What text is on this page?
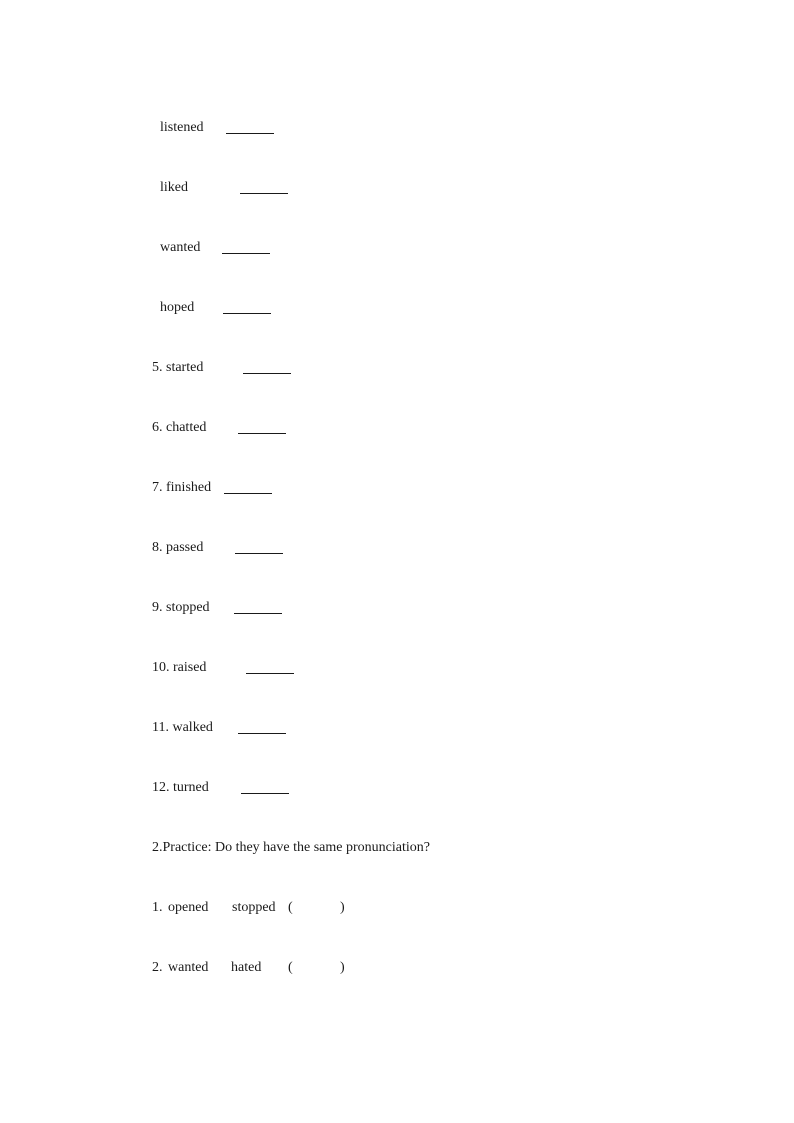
listened
liked
wanted
hoped
5. started
6. chatted
7. finished
8. passed
9. stopped
10. raised
11. walked
12. turned
2.Practice: Do they have the same pronunciation?
1. opened stopped (	)
2. wanted hated (	)
